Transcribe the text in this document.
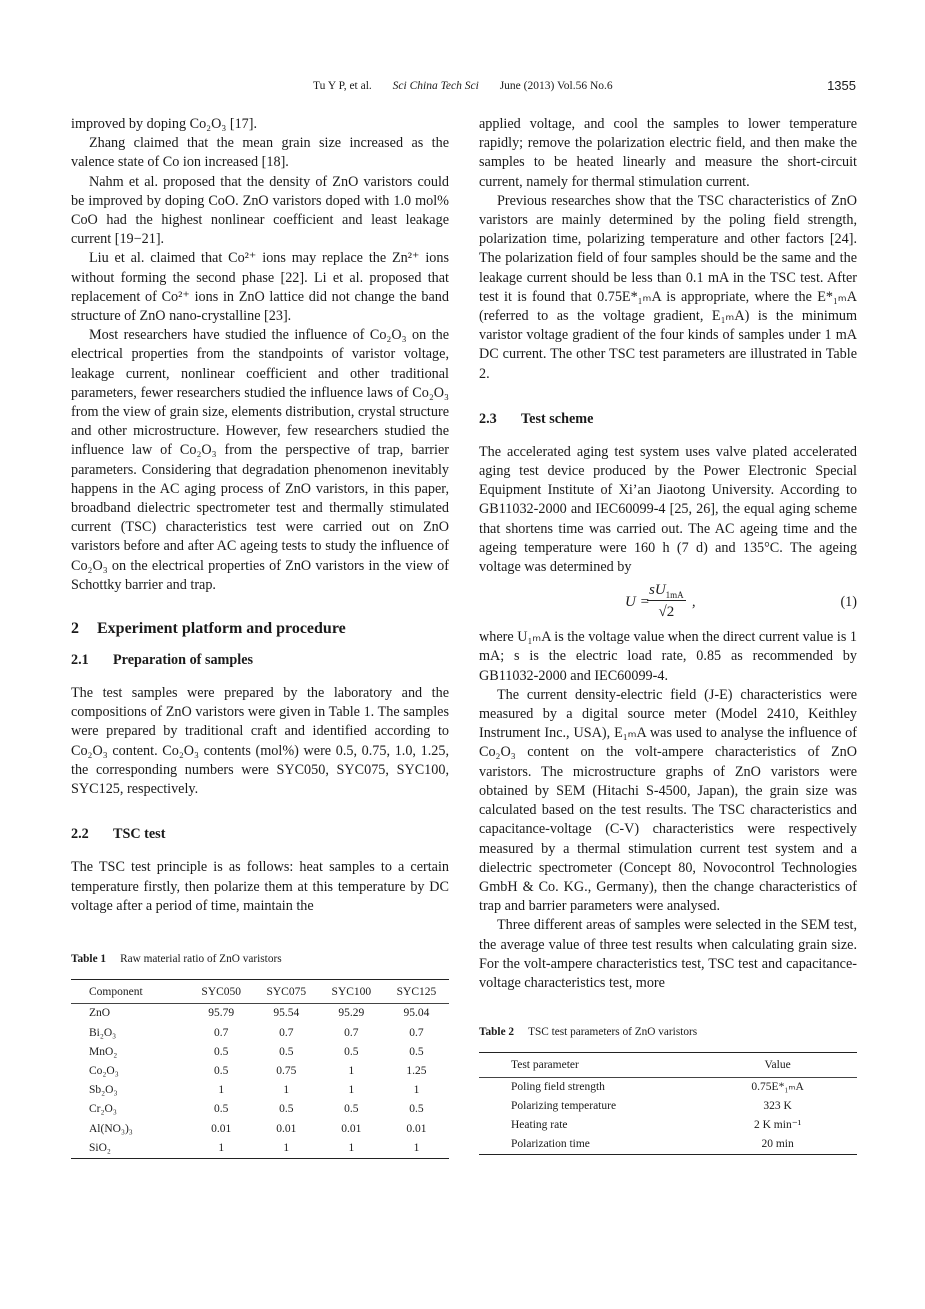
Tu Y P, et al. Sci China Tech Sci June (2013) Vol.56 No.6	1355

improved by doping Co₂O₃ [17].

Zhang claimed that the mean grain size increased as the valence state of Co ion increased [18].

Nahm et al. proposed that the density of ZnO varistors could be improved by doping CoO. ZnO varistors doped with 1.0 mol% CoO had the highest nonlinear coefficient and least leakage current [19−21].

Liu et al. claimed that Co²⁺ ions may replace the Zn²⁺ ions without forming the second phase [22]. Li et al. proposed that replacement of Co²⁺ ions in ZnO lattice did not change the band structure of ZnO nano-crystalline [23].

Most researchers have studied the influence of Co₂O₃ on the electrical properties from the standpoints of varistor voltage, leakage current, nonlinear coefficient and other traditional parameters, fewer researchers studied the influence laws of Co₂O₃ from the view of grain size, elements distribution, crystal structure and other microstructure. However, few researchers studied the influence law of Co₂O₃ from the perspective of trap, barrier parameters. Considering that degradation phenomenon inevitably happens in the AC aging process of ZnO varistors, in this paper, broadband dielectric spectrometer test and thermally stimulated current (TSC) characteristics test were carried out on ZnO varistors before and after AC ageing tests to study the influence of Co₂O₃ on the electrical properties of ZnO varistors in the view of Schottky barrier and trap.

2 Experiment platform and procedure
2.1 Preparation of samples

The test samples were prepared by the laboratory and the compositions of ZnO varistors were given in Table 1. The samples were prepared by traditional craft and identified according to Co₂O₃ content. Co₂O₃ contents (mol%) were 0.5, 0.75, 1.0, 1.25, the corresponding numbers were SYC050, SYC075, SYC100, SYC125, respectively.

2.2 TSC test

The TSC test principle is as follows: heat samples to a certain temperature firstly, then polarize them at this temperature by DC voltage after a period of time, maintain the

Table 1 Raw material ratio of ZnO varistors
Component	SYC050	SYC075	SYC100	SYC125
ZnO	95.79	95.54	95.29	95.04
Bi₂O₃	0.7	0.7	0.7	0.7
MnO₂	0.5	0.5	0.5	0.5
Co₂O₃	0.5	0.75	1	1.25
Sb₂O₃	1	1	1	1
Cr₂O₃	0.5	0.5	0.5	0.5
Al(NO₃)₃	0.01	0.01	0.01	0.01
SiO₂	1	1	1	1

applied voltage, and cool the samples to lower temperature rapidly; remove the polarization electric field, and then make the samples to be heated linearly and measure the short-circuit current, namely for thermal stimulation current.

Previous researches show that the TSC characteristics of ZnO varistors are mainly determined by the poling field strength, polarization time, polarizing temperature and other factors [24]. The polarization field of four samples should be the same and the leakage current should be less than 0.1 mA in the TSC test. After test it is found that 0.75E*₁ₘA is appropriate, where the E*₁ₘA (referred to as the voltage gradient, E₁ₘA) is the minimum varistor voltage gradient of the four kinds of samples under 1 mA DC current. The other TSC test parameters are illustrated in Table 2.

2.3 Test scheme

The accelerated aging test system uses valve plated accelerated aging test device produced by the Power Electronic Special Equipment Institute of Xi’an Jiaotong University. According to GB11032-2000 and IEC60099-4 [25, 26], the equal aging scheme that shortens time was carried out. The AC ageing time and the ageing temperature were 160 h (7 d) and 135°C. The ageing voltage was determined by

U =
$\frac{sU_{1mA}}{√2}$ ,	(1)

where U₁ₘA is the voltage value when the direct current value is 1 mA; s is the electric load rate, 0.85 as recommended by GB11032-2000 and IEC60099-4.

The current density-electric field (J-E) characteristics were measured by a digital source meter (Model 2410, Keithley Instrument Inc., USA), E₁ₘA was used to analyse the influence of Co₂O₃ content on the volt-ampere characteristics of ZnO varistors. The microstructure graphs of ZnO varistors were obtained by SEM (Hitachi S-4500, Japan), the grain size was calculated based on the test results. The TSC characteristics and capacitance-voltage (C-V) characteristics were respectively measured by a thermal stimulation current test system and a dielectric spectrometer (Concept 80, Novocontrol Technologies GmbH & Co. KG., Germany), then the change characteristics of trap and barrier parameters were analysed.

Three different areas of samples were selected in the SEM test, the average value of three test results when calculating grain size. For the volt-ampere characteristics test, TSC test and capacitance-voltage characteristics test, more

Table 2 TSC test parameters of ZnO varistors
Test parameter	Value
Poling field strength	0.75E*₁ₘA
Polarizing temperature	323 K
Heating rate	2 K min⁻¹
Polarization time	20 min
